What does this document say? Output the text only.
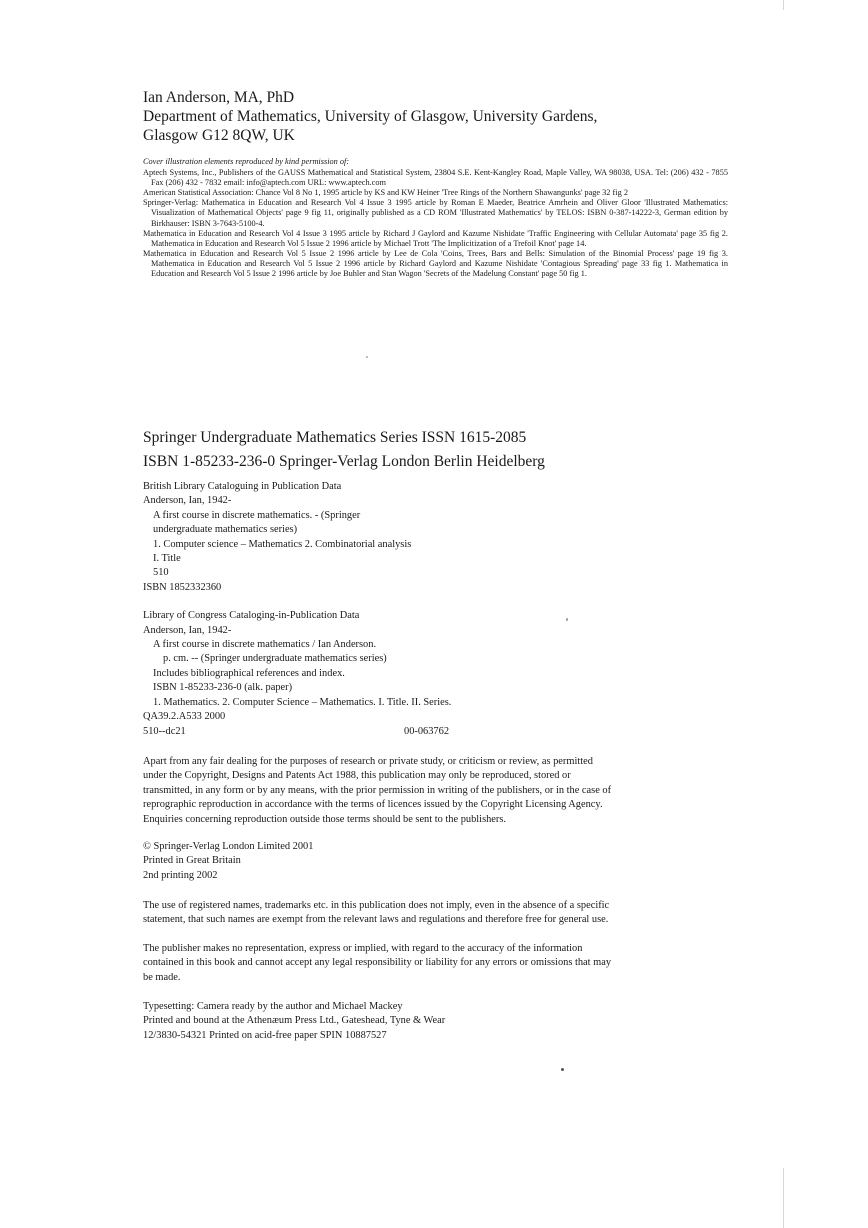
Ian Anderson, MA, PhD
Department of Mathematics, University of Glasgow, University Gardens,
Glasgow G12 8QW, UK
Cover illustration elements reproduced by kind permission of:
Aptech Systems, Inc., Publishers of the GAUSS Mathematical and Statistical System, 23804 S.E. Kent-Kangley Road, Maple Valley, WA 98038, USA. Tel: (206) 432 - 7855 Fax (206) 432 - 7832 email: info@aptech.com URL: www.aptech.com
American Statistical Association: Chance Vol 8 No 1, 1995 article by KS and KW Heiner 'Tree Rings of the Northern Shawangunks' page 32 fig 2
Springer-Verlag: Mathematica in Education and Research Vol 4 Issue 3 1995 article by Roman E Maeder, Beatrice Amrhein and Oliver Gloor 'Illustrated Mathematics: Visualization of Mathematical Objects' page 9 fig 11, originally published as a CD ROM 'Illustrated Mathematics' by TELOS: ISBN 0-387-14222-3, German edition by Birkhauser: ISBN 3-7643-5100-4.
Mathematica in Education and Research Vol 4 Issue 3 1995 article by Richard J Gaylord and Kazume Nishidate 'Traffic Engineering with Cellular Automata' page 35 fig 2. Mathematica in Education and Research Vol 5 Issue 2 1996 article by Michael Trott 'The Implicitization of a Trefoil Knot' page 14.
Mathematica in Education and Research Vol 5 Issue 2 1996 article by Lee de Cola 'Coins, Trees, Bars and Bells: Simulation of the Binomial Process' page 19 fig 3. Mathematica in Education and Research Vol 5 Issue 2 1996 article by Richard Gaylord and Kazume Nishidate 'Contagious Spreading' page 33 fig 1. Mathematica in Education and Research Vol 5 Issue 2 1996 article by Joe Buhler and Stan Wagon 'Secrets of the Madelung Constant' page 50 fig 1.
Springer Undergraduate Mathematics Series ISSN 1615-2085
ISBN 1-85233-236-0 Springer-Verlag London Berlin Heidelberg
British Library Cataloguing in Publication Data
Anderson, Ian, 1942-
A first course in discrete mathematics. - (Springer
undergraduate mathematics series)
1. Computer science – Mathematics 2. Combinatorial analysis
I. Title
510
ISBN 1852332360
Library of Congress Cataloging-in-Publication Data
Anderson, Ian, 1942-
A first course in discrete mathematics / Ian Anderson.
p. cm. -- (Springer undergraduate mathematics series)
Includes bibliographical references and index.
ISBN 1-85233-236-0 (alk. paper)
1. Mathematics. 2. Computer Science – Mathematics. I. Title. II. Series.
QA39.2.A533 2000
510--dc21	00-063762
Apart from any fair dealing for the purposes of research or private study, or criticism or review, as permitted
under the Copyright, Designs and Patents Act 1988, this publication may only be reproduced, stored or
transmitted, in any form or by any means, with the prior permission in writing of the publishers, or in the case of
reprographic reproduction in accordance with the terms of licences issued by the Copyright Licensing Agency.
Enquiries concerning reproduction outside those terms should be sent to the publishers.
© Springer-Verlag London Limited 2001
Printed in Great Britain
2nd printing 2002
The use of registered names, trademarks etc. in this publication does not imply, even in the absence of a specific
statement, that such names are exempt from the relevant laws and regulations and therefore free for general use.
The publisher makes no representation, express or implied, with regard to the accuracy of the information
contained in this book and cannot accept any legal responsibility or liability for any errors or omissions that may
be made.
Typesetting: Camera ready by the author and Michael Mackey
Printed and bound at the Athenæum Press Ltd., Gateshead, Tyne & Wear
12/3830-54321 Printed on acid-free paper SPIN 10887527
